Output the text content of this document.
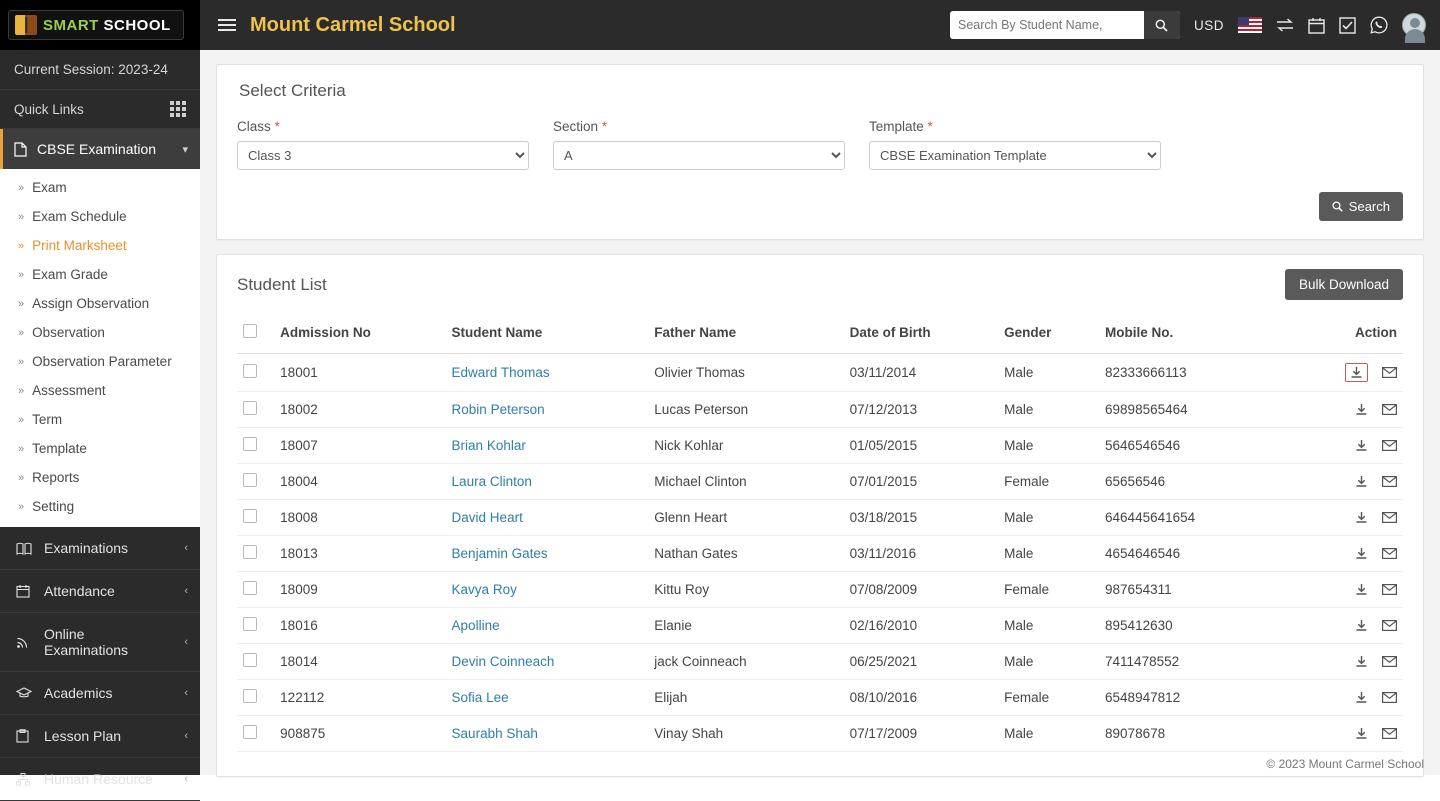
SMART SCHOOL
Current Session: 2023-24
Quick Links
CBSE Examination ▾
» Exam
» Exam Schedule
» Print Marksheet
» Exam Grade
» Assign Observation
» Observation
» Observation Parameter
» Assessment
» Term
» Template
» Reports
» Setting
Examinations	‹
Attendance	‹
Online Examinations	‹
Academics	‹
Lesson Plan	‹
Human Resource	‹
Mount Carmel School
Search By Student Name,	USD
Select Criteria
Class *
Class 3	Section *
A	Template *
CBSE Examination Template
Search
Student List	Bulk Download
	Admission No	Student Name	Father Name	Date of Birth	Gender	Mobile No.	Action
	18001	Edward Thomas	Olivier Thomas	03/11/2014	Male	82333666113	

	18002	Robin Peterson	Lucas Peterson	07/12/2013	Male	69898565464	

	18007	Brian Kohlar	Nick Kohlar	01/05/2015	Male	5646546546	

	18004	Laura Clinton	Michael Clinton	07/01/2015	Female	65656546	

	18008	David Heart	Glenn Heart	03/18/2015	Male	646445641654	

	18013	Benjamin Gates	Nathan Gates	03/11/2016	Male	4654646546	

	18009	Kavya Roy	Kittu Roy	07/08/2009	Female	987654311	

	18016	Apolline	Elanie	02/16/2010	Male	895412630	

	18014	Devin Coinneach	jack Coinneach	06/25/2021	Male	7411478552	

	122112	Sofia Lee	Elijah	08/10/2016	Female	6548947812	

	908875	Saurabh Shah	Vinay Shah	07/17/2009	Male	89078678	
© 2023 Mount Carmel School
